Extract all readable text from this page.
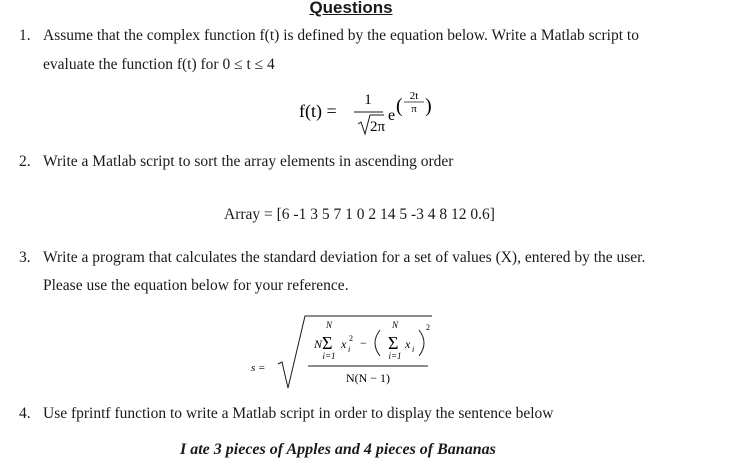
Questions
1. Assume that the complex function f(t) is defined by the equation below. Write a Matlab script to
evaluate the function f(t) for 0 ≤ t ≤ 4
f(t) =
1
2π
e ( 2t
π )
2. Write a Matlab script to sort the array elements in ascending order
Array = [6 -1 3 5 7 1 0 2 14 5 -3 4 8 12 0.6]
3. Write a program that calculates the standard deviation for a set of values (X), entered by the user.
Please use the equation below for your reference.
s =
N
N
Σ
i=1
x i
2 −
N
Σ
i=1
x i
2
N(N − 1)
4. Use fprintf function to write a Matlab script in order to display the sentence below
I ate 3 pieces of Apples and 4 pieces of Bananas
